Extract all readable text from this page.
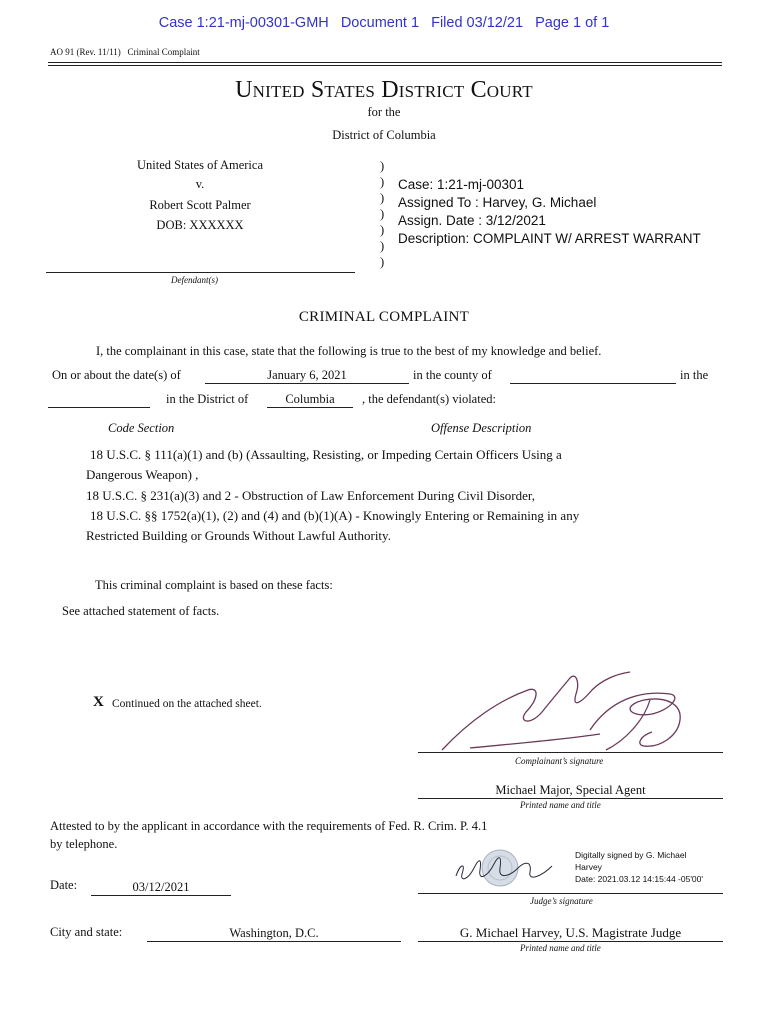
Case 1:21-mj-00301-GMH   Document 1   Filed 03/12/21   Page 1 of 1
AO 91 (Rev. 11/11)   Criminal Complaint
United States District Court
for the
District of Columbia
United States of America
v.
Robert Scott Palmer
DOB: XXXXXX
Defendant(s)
)
)
)
)
)
)
)
Case: 1:21-mj-00301
Assigned To : Harvey, G. Michael
Assign. Date : 3/12/2021
Description: COMPLAINT W/ ARREST WARRANT
CRIMINAL COMPLAINT
I, the complainant in this case, state that the following is true to the best of my knowledge and belief.
On or about the date(s) of	January 6, 2021	in the county of	in the
in the District of	Columbia	, the defendant(s) violated:
Code Section	Offense Description
18 U.S.C. § 111(a)(1) and (b) (Assaulting, Resisting, or Impeding Certain Officers Using a
Dangerous Weapon) ,
18 U.S.C. § 231(a)(3) and 2 - Obstruction of Law Enforcement During Civil Disorder,
18 U.S.C. §§ 1752(a)(1), (2) and (4) and (b)(1)(A) - Knowingly Entering or Remaining in any
Restricted Building or Grounds Without Lawful Authority.
This criminal complaint is based on these facts:
See attached statement of facts.
X Continued on the attached sheet.
Complainant’s signature
Michael Major, Special Agent
Printed name and title
Attested to by the applicant in accordance with the requirements of Fed. R. Crim. P. 4.1
by telephone.
Digitally signed by G. Michael
Harvey
Date: 2021.03.12 14:15:44 -05'00'
Judge’s signature
Date:	03/12/2021
City and state:	Washington, D.C.	G. Michael Harvey, U.S. Magistrate Judge
Printed name and title
